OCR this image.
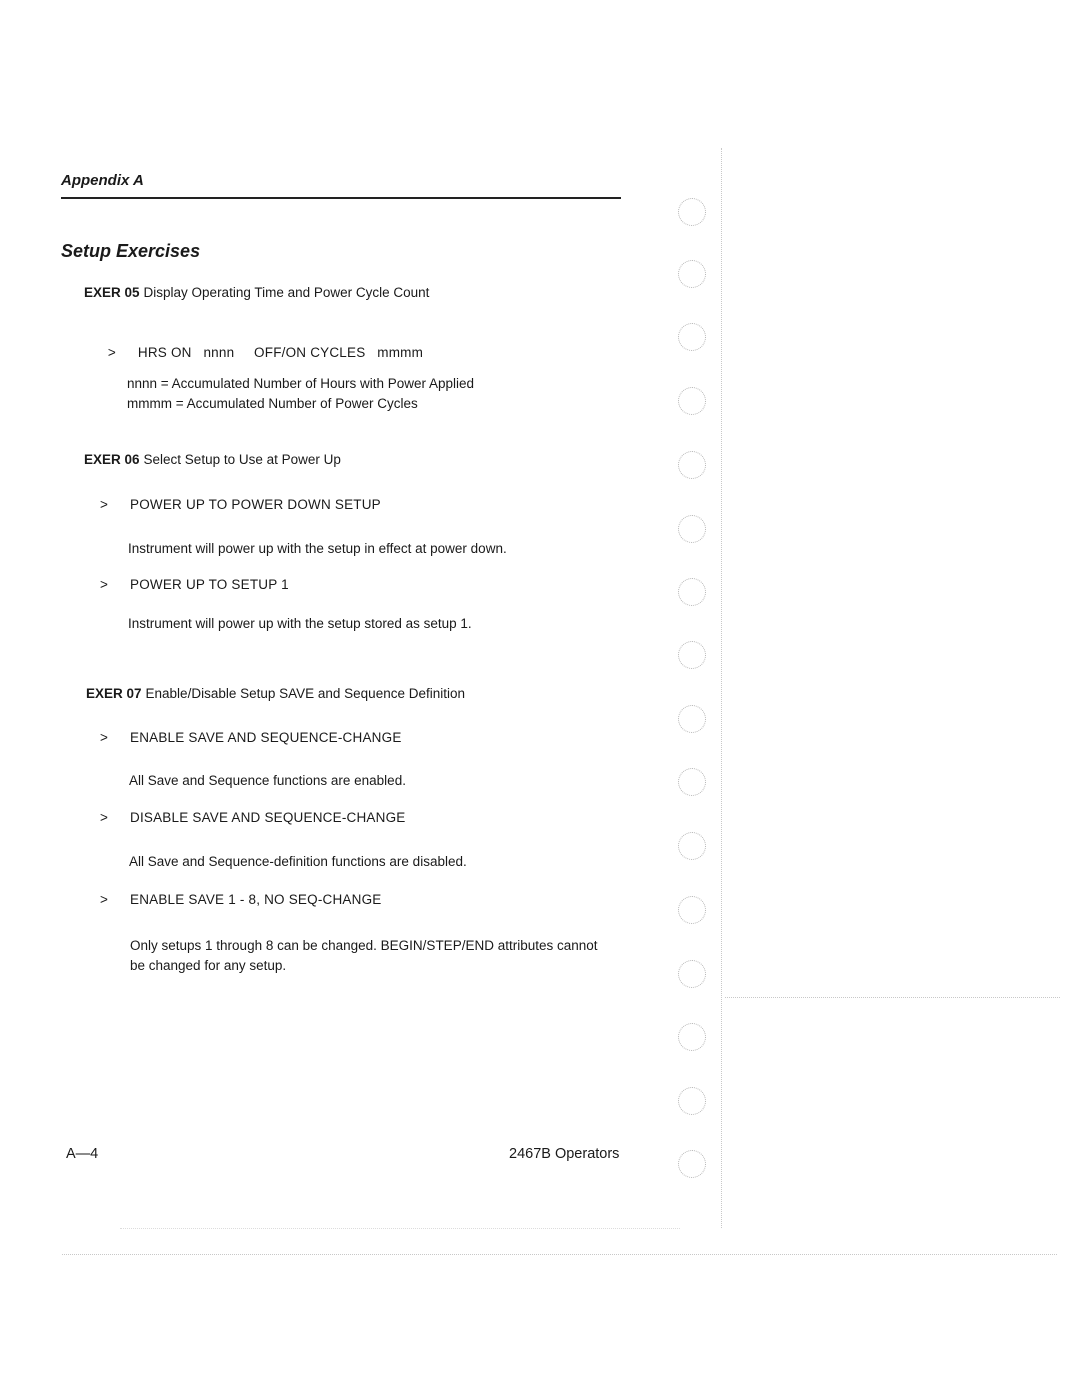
Appendix A
Setup Exercises
EXER 05 Display Operating Time and Power Cycle Count

> HRS ON   nnnn     OFF/ON CYCLES   mmmm

nnnn = Accumulated Number of Hours with Power Applied
mmmm = Accumulated Number of Power Cycles
EXER 06 Select Setup to Use at Power Up
> POWER UP TO POWER DOWN SETUP
Instrument will power up with the setup in effect at power down.
> POWER UP TO SETUP 1
Instrument will power up with the setup stored as setup 1.
EXER 07 Enable/Disable Setup SAVE and Sequence Definition
> ENABLE SAVE AND SEQUENCE-CHANGE
All Save and Sequence functions are enabled.
> DISABLE SAVE AND SEQUENCE-CHANGE
All Save and Sequence-definition functions are disabled.
> ENABLE SAVE 1 - 8, NO SEQ-CHANGE
Only setups 1 through 8 can be changed. BEGIN/STEP/END attributes cannot
be changed for any setup.
A—4	2467B Operators
